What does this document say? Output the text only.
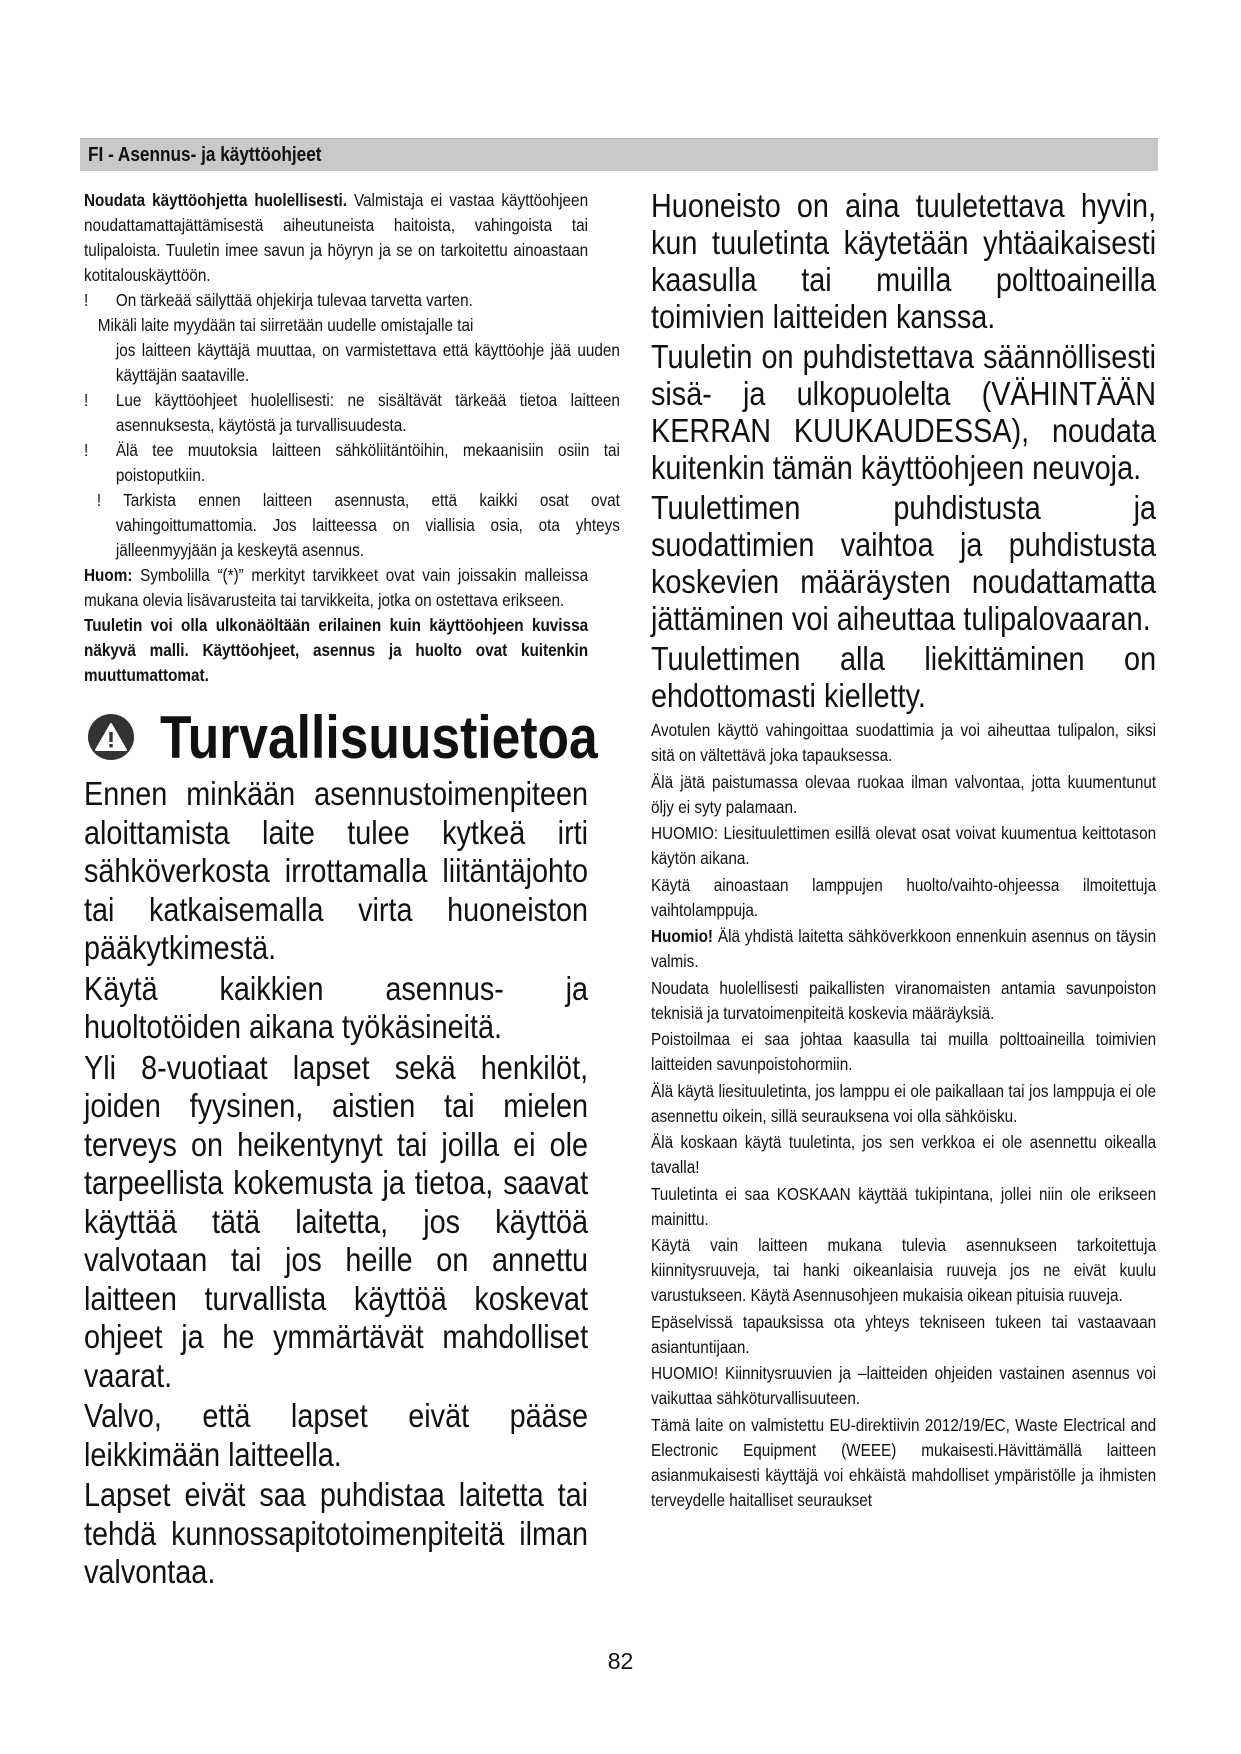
FI - Asennus- ja käyttöohjeet

Noudata käyttöohjetta huolellisesti. Valmistaja ei vastaa käyttöohjeen noudattamattajättämisestä aiheutuneista haitoista, vahingoista tai tulipaloista. Tuuletin imee savun ja höyryn ja se on tarkoitettu ainoastaan kotitalouskäyttöön.

! On tärkeää säilyttää ohjekirja tulevaa tarvetta varten.

Mikäli laite myydään tai siirretään uudelle omistajalle tai

jos laitteen käyttäjä muuttaa, on varmistettava että käyttöohje jää uuden käyttäjän saataville.

! Lue käyttöohjeet huolellisesti: ne sisältävät tärkeää tietoa laitteen asennuksesta, käytöstä ja turvallisuudesta.

! Älä tee muutoksia laitteen sähköliitäntöihin, mekaanisiin osiin tai poistoputkiin.

! Tarkista ennen laitteen asennusta, että kaikki osat ovat vahingoittumattomia. Jos laitteessa on viallisia osia, ota yhteys jälleenmyyjään ja keskeytä asennus.

Huom: Symbolilla “(*)” merkityt tarvikkeet ovat vain joissakin malleissa mukana olevia lisävarusteita tai tarvikkeita, jotka on ostettava erikseen.

Tuuletin voi olla ulkonäöltään erilainen kuin käyttöohjeen kuvissa näkyvä malli. Käyttöohjeet, asennus ja huolto ovat kuitenkin muuttumattomat.

Turvallisuustietoa

Ennen minkään asennustoimenpiteen aloittamista laite tulee kytkeä irti sähköverkosta irrottamalla liitäntäjohto tai katkaisemalla virta huoneiston pääkytkimestä.

Käytä kaikkien asennus- ja huoltotöiden aikana työkäsineitä.

Yli 8-vuotiaat lapset sekä henkilöt, joiden fyysinen, aistien tai mielen terveys on heikentynyt tai joilla ei ole tarpeellista kokemusta ja tietoa, saavat käyttää tätä laitetta, jos käyttöä valvotaan tai jos heille on annettu laitteen turvallista käyttöä koskevat ohjeet ja he ymmärtävät mahdolliset vaarat.

Valvo, että lapset eivät pääse leikkimään laitteella.

Lapset eivät saa puhdistaa laitetta tai tehdä kunnossapitotoimenpiteitä ilman valvontaa.

Huoneisto on aina tuuletettava hyvin, kun tuuletinta käytetään yhtäaikaisesti kaasulla tai muilla polttoaineilla toimivien laitteiden kanssa.

Tuuletin on puhdistettava säännöllisesti sisä- ja ulkopuolelta (VÄHINTÄÄN KERRAN KUUKAUDESSA), noudata kuitenkin tämän käyttöohjeen neuvoja.

Tuulettimen puhdistusta ja suodattimien vaihtoa ja puhdistusta koskevien määräysten noudattamatta jättäminen voi aiheuttaa tulipalovaaran.

Tuulettimen alla liekittäminen on ehdottomasti kielletty.

Avotulen käyttö vahingoittaa suodattimia ja voi aiheuttaa tulipalon, siksi sitä on vältettävä joka tapauksessa.

Älä jätä paistumassa olevaa ruokaa ilman valvontaa, jotta kuumentunut öljy ei syty palamaan.

HUOMIO: Liesituulettimen esillä olevat osat voivat kuumentua keittotason käytön aikana.

Käytä ainoastaan lamppujen huolto/vaihto-ohjeessa ilmoitettuja vaihtolamppuja.

Huomio! Älä yhdistä laitetta sähköverkkoon ennenkuin asennus on täysin valmis.

Noudata huolellisesti paikallisten viranomaisten antamia savunpoiston teknisiä ja turvatoimenpiteitä koskevia määräyksiä.

Poistoilmaa ei saa johtaa kaasulla tai muilla polttoaineilla toimivien laitteiden savunpoistohormiin.

Älä käytä liesituuletinta, jos lamppu ei ole paikallaan tai jos lamppuja ei ole asennettu oikein, sillä seurauksena voi olla sähköisku.

Älä koskaan käytä tuuletinta, jos sen verkkoa ei ole asennettu oikealla tavalla!

Tuuletinta ei saa KOSKAAN käyttää tukipintana, jollei niin ole erikseen mainittu.

Käytä vain laitteen mukana tulevia asennukseen tarkoitettuja kiinnitysruuveja, tai hanki oikeanlaisia ruuveja jos ne eivät kuulu varustukseen. Käytä Asennusohjeen mukaisia oikean pituisia ruuveja.

Epäselvissä tapauksissa ota yhteys tekniseen tukeen tai vastaavaan asiantuntijaan.

HUOMIO! Kiinnitysruuvien ja –laitteiden ohjeiden vastainen asennus voi vaikuttaa sähköturvallisuuteen.

Tämä laite on valmistettu EU-direktiivin 2012/19/EC, Waste Electrical and Electronic Equipment (WEEE) mukaisesti.Hävittämällä laitteen asianmukaisesti käyttäjä voi ehkäistä mahdolliset ympäristölle ja ihmisten terveydelle haitalliset seuraukset

82
